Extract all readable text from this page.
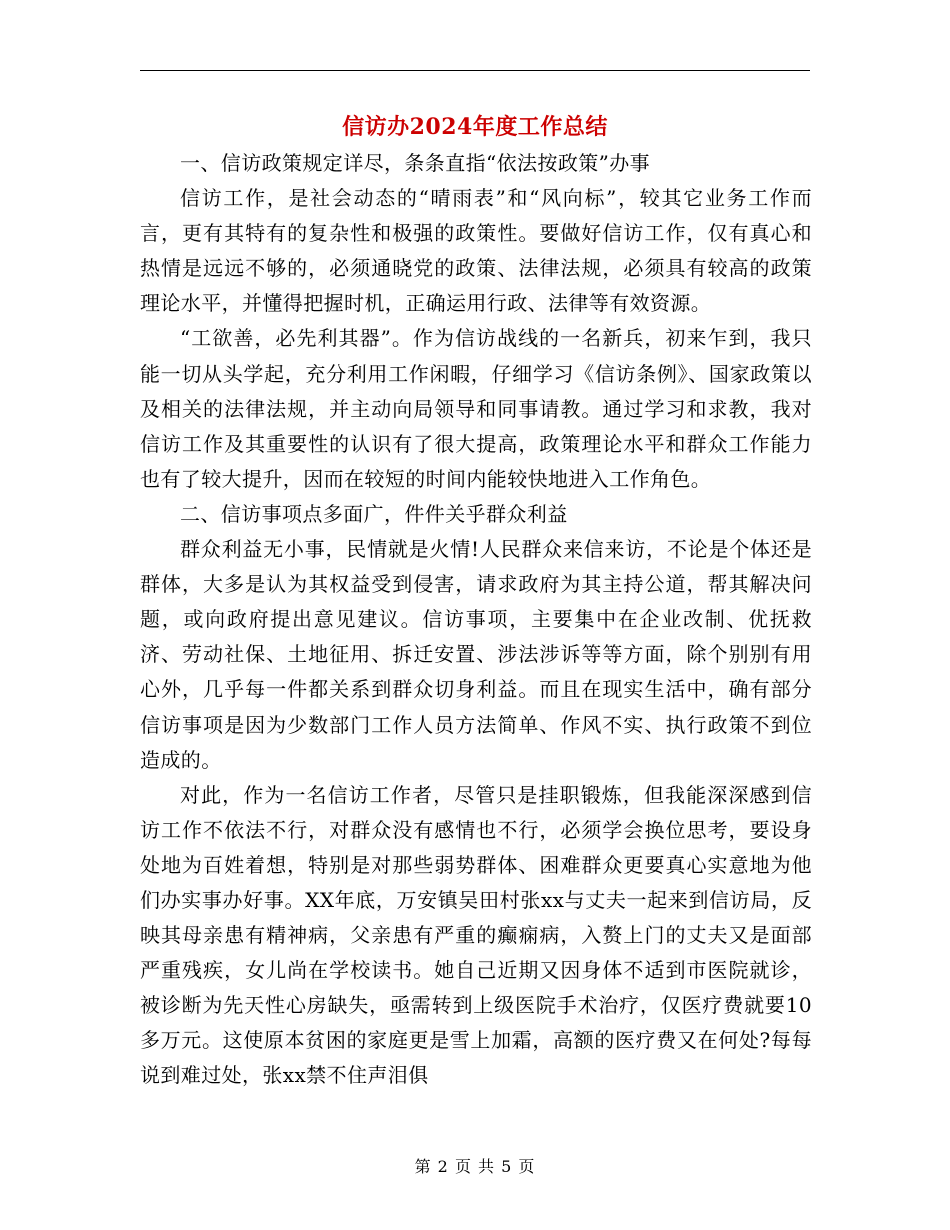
信访办2024年度工作总结

一、信访政策规定详尽，条条直指“依法按政策”办事

信访工作，是社会动态的“晴雨表”和“风向标”，较其它业务工作而言，更有其特有的复杂性和极强的政策性。要做好信访工作，仅有真心和热情是远远不够的，必须通晓党的政策、法律法规，必须具有较高的政策理论水平，并懂得把握时机，正确运用行政、法律等有效资源。

“工欲善，必先利其器”。作为信访战线的一名新兵，初来乍到，我只能一切从头学起，充分利用工作闲暇，仔细学习《信访条例》、国家政策以及相关的法律法规，并主动向局领导和同事请教。通过学习和求教，我对信访工作及其重要性的认识有了很大提高，政策理论水平和群众工作能力也有了较大提升，因而在较短的时间内能较快地进入工作角色。

二、信访事项点多面广，件件关乎群众利益

群众利益无小事，民情就是火情!人民群众来信来访，不论是个体还是群体，大多是认为其权益受到侵害，请求政府为其主持公道，帮其解决问题，或向政府提出意见建议。信访事项，主要集中在企业改制、优抚救济、劳动社保、土地征用、拆迁安置、涉法涉诉等等方面，除个别别有用心外，几乎每一件都关系到群众切身利益。而且在现实生活中，确有部分信访事项是因为少数部门工作人员方法简单、作风不实、执行政策不到位造成的。

对此，作为一名信访工作者，尽管只是挂职锻炼，但我能深深感到信访工作不依法不行，对群众没有感情也不行，必须学会换位思考，要设身处地为百姓着想，特别是对那些弱势群体、困难群众更要真心实意地为他们办实事办好事。XX年底，万安镇吴田村张xx与丈夫一起来到信访局，反映其母亲患有精神病，父亲患有严重的癫痫病，入赘上门的丈夫又是面部严重残疾，女儿尚在学校读书。她自己近期又因身体不适到市医院就诊，被诊断为先天性心房缺失，亟需转到上级医院手术治疗，仅医疗费就要10多万元。这使原本贫困的家庭更是雪上加霜，高额的医疗费又在何处?每每说到难过处，张xx禁不住声泪俱

第 2 页 共 5 页
